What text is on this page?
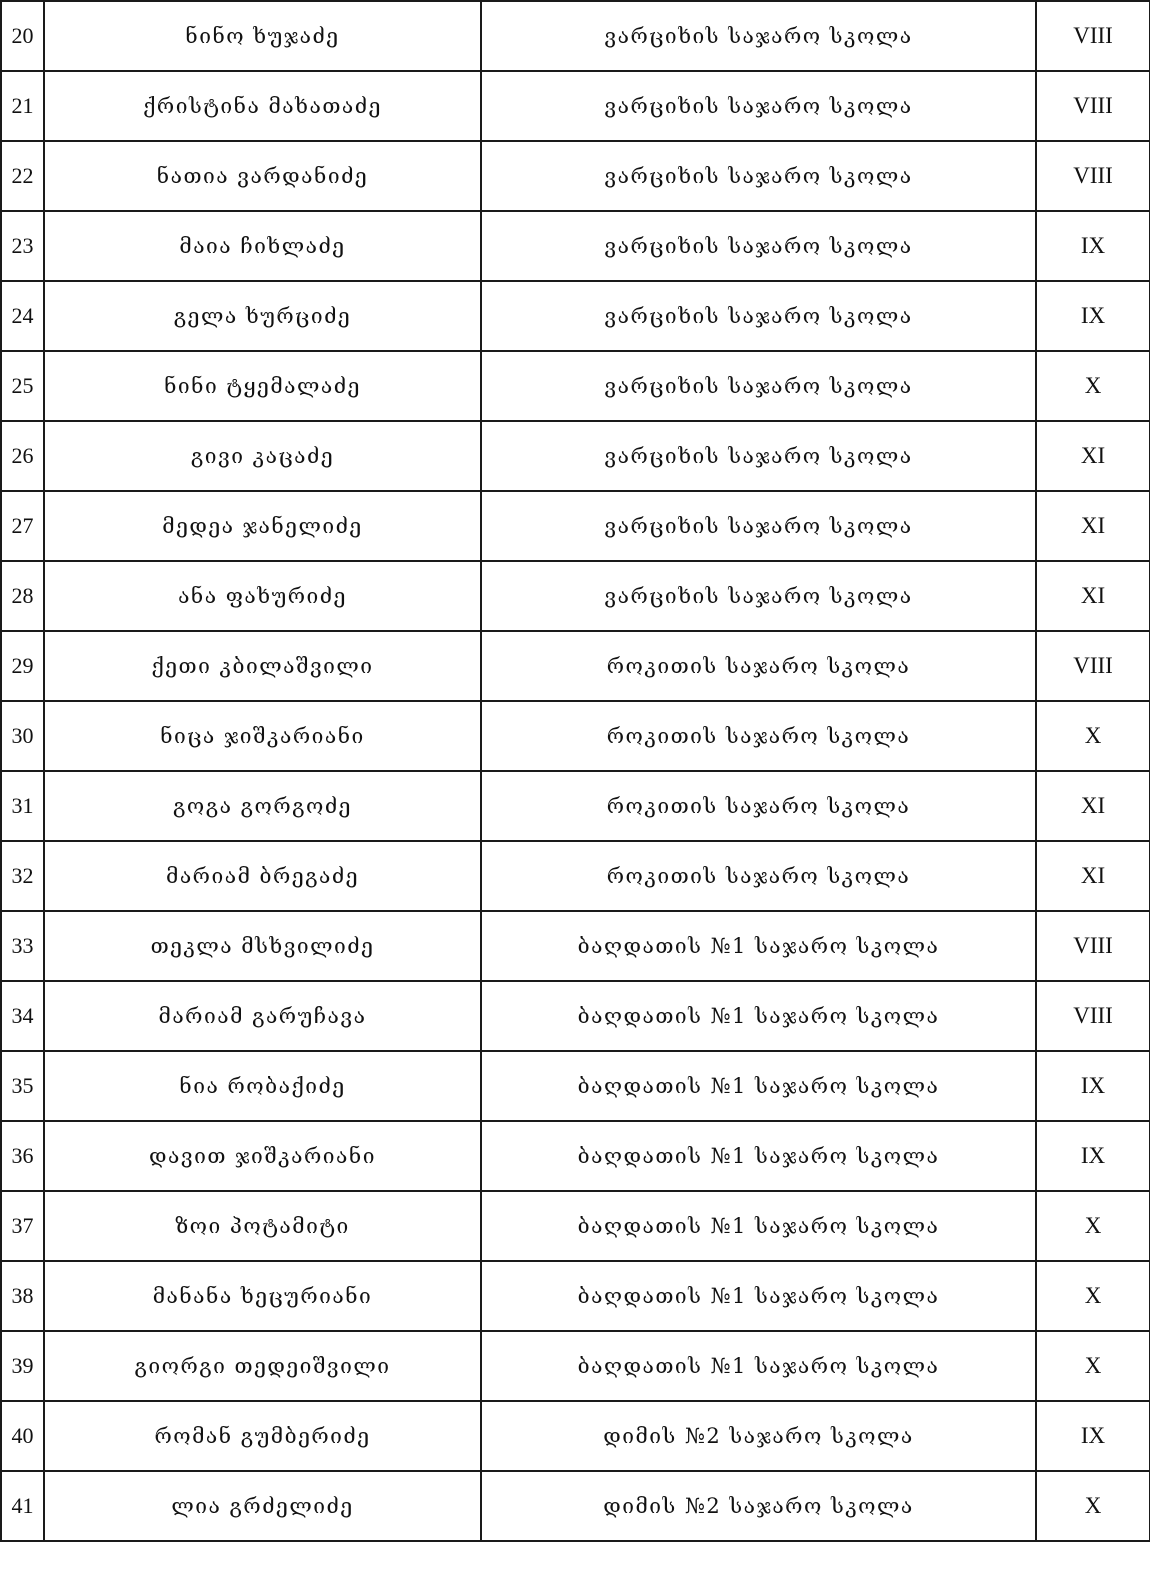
20	ნინო ხუჯაძე	ვარციხის საჯარო სკოლა	VIII
21	ქრისტინა მახათაძე	ვარციხის საჯარო სკოლა	VIII
22	ნათია ვარდანიძე	ვარციხის საჯარო სკოლა	VIII
23	მაია ჩიხლაძე	ვარციხის საჯარო სკოლა	IX
24	გელა ხურციძე	ვარციხის საჯარო სკოლა	IX
25	ნინი ტყემალაძე	ვარციხის საჯარო სკოლა	X
26	გივი კაცაძე	ვარციხის საჯარო სკოლა	XI
27	მედეა ჯანელიძე	ვარციხის საჯარო სკოლა	XI
28	ანა ფახურიძე	ვარციხის საჯარო სკოლა	XI
29	ქეთი კბილაშვილი	როკითის საჯარო სკოლა	VIII
30	ნიცა ჯიშკარიანი	როკითის საჯარო სკოლა	X
31	გოგა გორგოძე	როკითის საჯარო სკოლა	XI
32	მარიამ ბრეგაძე	როკითის საჯარო სკოლა	XI
33	თეკლა მსხვილიძე	ბაღდათის №1 საჯარო სკოლა	VIII
34	მარიამ გარუჩავა	ბაღდათის №1 საჯარო სკოლა	VIII
35	ნია რობაქიძე	ბაღდათის №1 საჯარო სკოლა	IX
36	დავით ჯიშკარიანი	ბაღდათის №1 საჯარო სკოლა	IX
37	ზოი პოტამიტი	ბაღდათის №1 საჯარო სკოლა	X
38	მანანა ხეცურიანი	ბაღდათის №1 საჯარო სკოლა	X
39	გიორგი თედეიშვილი	ბაღდათის №1 საჯარო სკოლა	X
40	რომან გუმბერიძე	დიმის №2 საჯარო სკოლა	IX
41	ლია გრძელიძე	დიმის №2 საჯარო სკოლა	X
